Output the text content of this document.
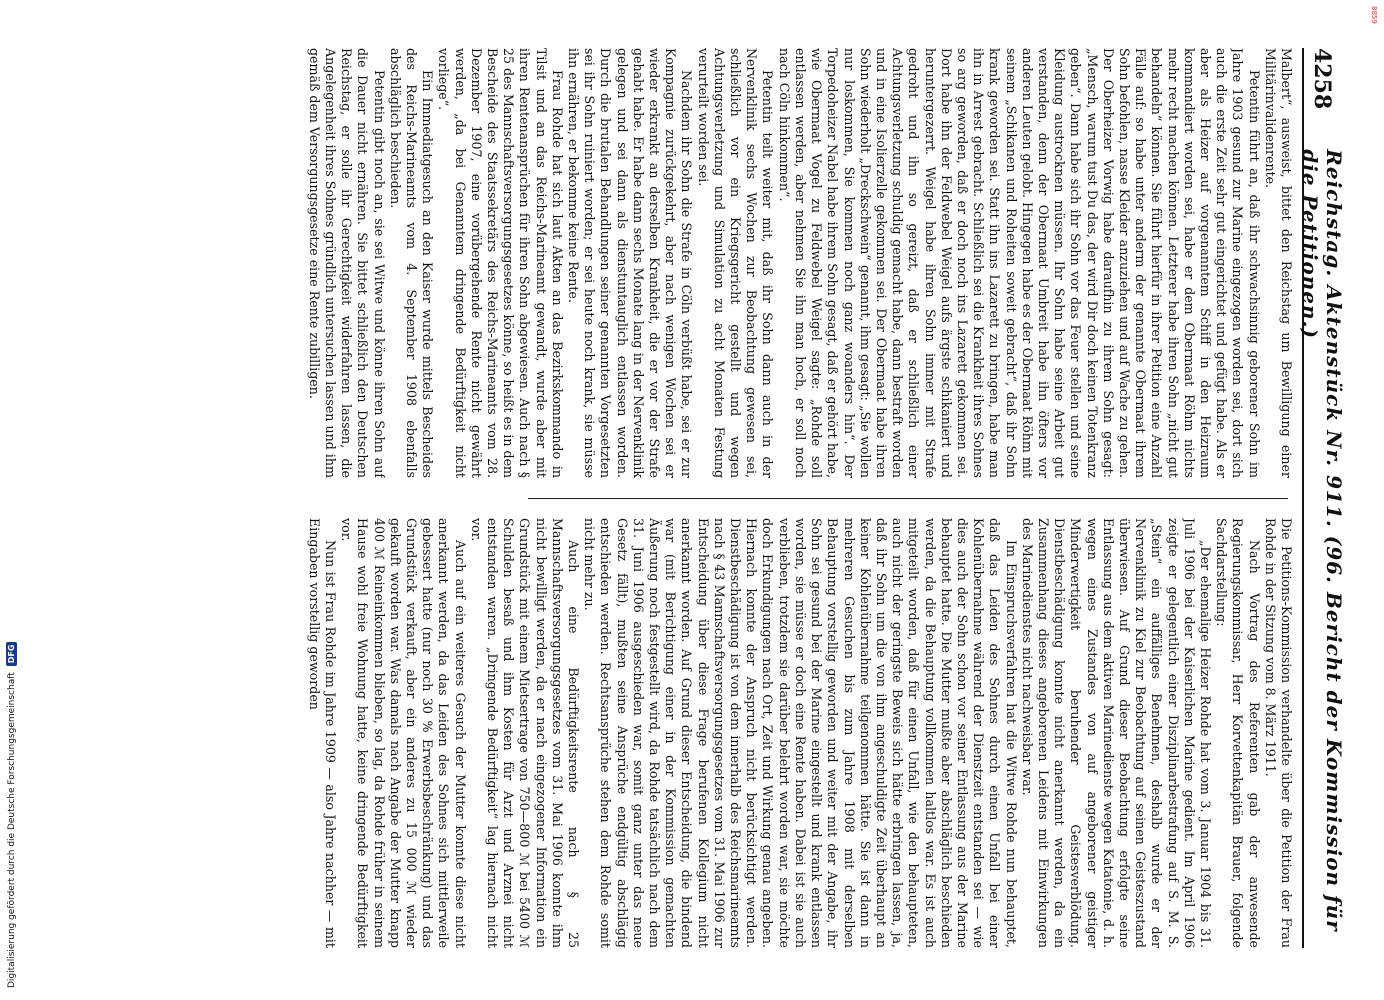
8859
Digitalisierung gefördert durch die Deutsche Forschungsgemeinschaft
DFG
4258
Reichstag. Aktenstück Nr. 911. (96. Bericht der Kommission für die Petitionen.)

Malbert“, ausweist, bittet den Reichstag um Bewilligung einer Militärinvalidenrente.

Petentin führt an, daß ihr schwachsinnig geborener Sohn im Jahre 1903 gesund zur Marine eingezogen worden sei, dort sich auch die erste Zeit sehr gut eingerichtet und gefügt habe. Als er aber als Heizer auf vorgenanntem Schiff in den Heizraum kommandiert worden sei, habe er dem Obermaat Röhm nichts mehr recht machen können. Letzterer habe ihren Sohn „nicht gut behandeln“ können. Sie führt hierfür in ihrer Petition eine Anzahl Fälle auf: so habe unter anderm der genannte Obermaat ihrem Sohn befohlen, nasse Kleider anzuziehen und auf Wache zu gehen. Der Oberheizer Vorwig habe daraufhin zu ihrem Sohn gesagt: „Mensch, warum tust Du das, der wird Dir doch keinen Totenkranz geben“. Dann habe sich ihr Sohn vor das Feuer stellen und seine Kleidung austrocknen müssen. Ihr Sohn habe seine Arbeit gut verstanden, denn der Obermaat Umbreit habe ihn öfters vor anderen Leuten gelobt. Hingegen habe es der Obermaat Röhm mit seinem „Schikanen und Roheiten soweit gebracht“, daß ihr Sohn krank geworden sei. Statt ihn ins Lazarett zu bringen, habe man ihn in Arrest gebracht. Schließlich sei die Krankheit ihres Sohnes so arg geworden, daß er doch noch ins Lazarett gekommen sei. Dort habe ihn der Feldwebel Weigel aufs ärgste schikaniert und heruntergezerrt. Weigel habe ihren Sohn immer mit Strafe gedroht und ihn so gereizt, daß er schließlich einer Achtungsverletzung schuldig gemacht habe, dann bestraft worden und in eine Isolierzelle gekommen sei. Der Obermaat habe ihren Sohn wiederholt „Dreckschwein“ genannt, ihm gesagt: „Sie wollen nur loskommen, Sie kommen noch ganz woanders hin“. Der Torpedoheizer Nabel habe ihrem Sohn gesagt, daß er gehört habe, wie Obermaat Vogel zu Feldwebel Weigel sagte: „Rohde soll entlassen werden, aber nehmen Sie ihn man hoch, er soll noch nach Cöln hinkommen“.

Petentin teilt weiter mit, daß ihr Sohn dann auch in der Nervenklinik sechs Wochen zur Beobachtung gewesen sei, schließlich vor ein Kriegsgericht gestellt und wegen Achtungsverletzung und Simulation zu acht Monaten Festung verurteilt worden sei.

Nachdem ihr Sohn die Strafe in Cöln verbüßt habe, sei er zur Kompagnie zurückgekehrt, aber nach wenigen Wochen sei er wieder erkrankt an derselben Krankheit, die er vor der Strafe gehabt habe. Er habe dann sechs Monate lang in der Nervenklinik gelegen und sei dann als dienstuntauglich entlassen worden. Durch die brutalen Behandlungen seiner genannten Vorgesetzten sei ihr Sohn ruiniert worden; er sei heute noch krank, sie müsse ihn ernähren, er bekomme keine Rente.

Frau Rohde hat sich laut Akten an das Bezirkskommando in Tilsit und an das Reichs-Marineamt gewandt, wurde aber mit ihren Rentenansprüchen für ihren Sohn abgewiesen. Auch nach § 25 des Mannschaftsversorgungsgesetzes könne, so heißt es in dem Bescheide des Staatssekretärs des Reichs-Marineamts vom 28. Dezember 1907, eine vorübergehende Rente nicht gewährt werden, „da bei Genanntem dringende Bedürftigkeit nicht vorliege“.

Ein Immediatgesuch an den Kaiser wurde mittels Bescheides des Reichs-Marineamts vom 4. September 1908 ebenfalls abschläglich beschieden.

Petentin gibt noch an, sie sei Witwe und könne ihren Sohn auf die Dauer nicht ernähren. Sie bittet schließlich den Deutschen Reichstag, er solle ihr Gerechtigkeit widerfahren lassen, die Angelegenheit ihres Sohnes gründlich untersuchen lassen und ihm gemäß dem Versorgungsgesetze eine Rente zubilligen.

Die Petitions-Kommission verhandelte über die Petition der Frau Rohde in der Sitzung vom 8. März 1911.

Nach Vortrag des Referenten gab der anwesende Regierungskommissar, Herr Korvettenkapitän Brauer, folgende Sachdarstellung:

„Der ehemalige Heizer Rohde hat vom 3. Januar 1904 bis 31. Juli 1906 bei der Kaiserlichen Marine gedient. Im April 1906 zeigte er gelegentlich einer Disziplinarbestrafung auf S. M. S. „Stein“ ein auffälliges Benehmen, deshalb wurde er der Nervenklinik zu Kiel zur Beobachtung auf seinen Geisteszustand überwiesen. Auf Grund dieser Beobachtung erfolgte seine Entlassung aus dem aktiven Marinedienste wegen Katatonie, d. h. wegen eines Zustandes von auf angeborener geistiger Minderwertigkeit beruhender Geistesverblödung. Dienstbeschädigung konnte nicht anerkannt werden, da ein Zusammenhang dieses angeborenen Leidens mit Einwirkungen des Marinedienstes nicht nachweisbar war.

Im Einspruchsverfahren hat die Witwe Rohde nun behauptet, daß das Leiden des Sohnes durch einen Unfall bei einer Kohlenübernahme während der Dienstzeit entstanden sei — wie dies auch der Sohn schon vor seiner Entlassung aus der Marine behauptet hatte. Die Mutter mußte aber abschläglich beschieden werden, da die Behauptung vollkommen haltlos war. Es ist auch mitgeteilt worden, daß für einen Unfall, wie den behaupteten, auch nicht der geringste Beweis sich hätte erbringen lassen, ja, daß ihr Sohn um die von ihm angeschuldigte Zeit überhaupt an keiner Kohlenübernahme teilgenommen hätte. Sie ist dann in mehreren Gesuchen bis zum Jahre 1908 mit derselben Behauptung vorstellig geworden und weiter mit der Angabe, ihr Sohn sei gesund bei der Marine eingestellt und krank entlassen worden, sie müsse er doch eine Rente haben. Dabei ist sie auch verblieben, trotzdem sie darüber belehrt worden war, sie möchte doch Erkundigungen nach Ort, Zeit und Wirkung genau angeben. Hiernach konnte der Anspruch nicht berücksichtigt werden. Dienstbeschädigung ist von dem innerhalb des Reichsmarineamts nach § 43 Mannschaftsversorgungsgesetzes vom 31. Mai 1906 zur Entscheidung über diese Frage berufenen Kollegium nicht anerkannt worden. Auf Grund dieser Entscheidung, die bindend war (mit Berichtigung einer in der Kommission gemachten Äußerung noch festgestellt wird, da Rohde tatsächlich nach dem 31. Juni 1906 ausgeschieden war, somit ganz unter das neue Gesetz fällt), mußten seine Ansprüche endgültig abschlägig entschieden werden. Rechtsansprüche stehen dem Rohde somit nicht mehr zu.

Auch eine Bedürftigkeitsrente nach § 25 Mannschaftsversorgungsgesetzes vom 31. Mai 1906 konnte ihm nicht bewilligt werden, da er nach eingezogener Information ein Grundstück mit einem Mietsertrage von 750—800 ℳ bei 5400 ℳ Schulden besaß und ihm Kosten für Arzt und Arznei nicht entstanden waren. „Dringende Bedürftigkeit“ lag hiernach nicht vor.

Auch auf ein weiteres Gesuch der Mutter konnte diese nicht anerkannt werden, da das Leiden des Sohnes sich mittlerweile gebessert hatte (nur noch 30 % Erwerbsbeschränkung) und das Grundstück verkauft, aber ein anderes zu 15 000 ℳ wieder gekauft worden war. Was damals nach Angabe der Mutter knapp 400 ℳ Reineinkommen blieben, so lag, da Rohde früher in seinem Hause wohl freie Wohnung hatte, keine dringende Bedürftigkeit vor.

Nun ist Frau Rohde im Jahre 1909 — also Jahre nachher — mit Eingaben vorstellig geworden
